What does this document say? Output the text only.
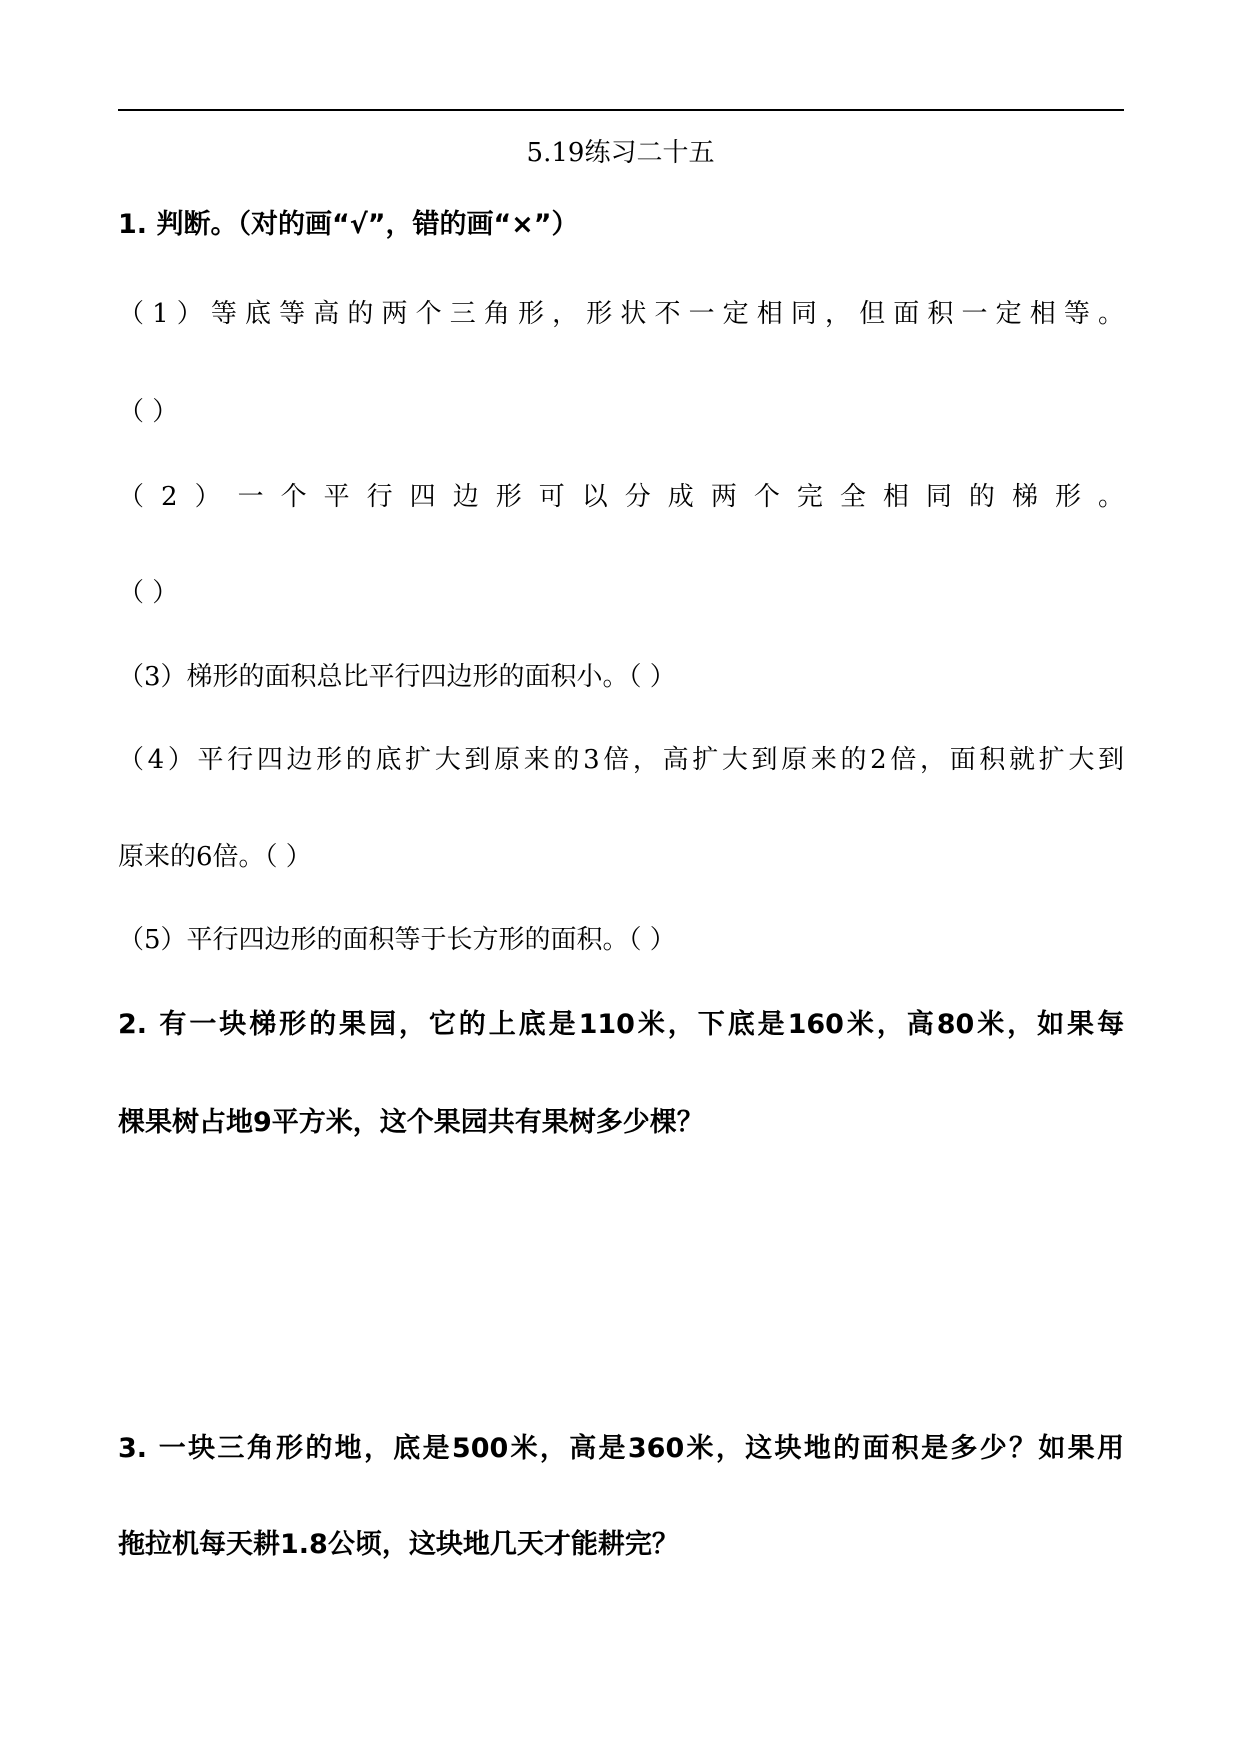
5.19练习二十五
1. 判断。（对的画“√”，错的画“×”）
（1）等底等高的两个三角形，形状不一定相同，但面积一定相等。
（ ）
（2）一个平行四边形可以分成两个完全相同的梯形。
（ ）
（3）梯形的面积总比平行四边形的面积小。（ ）
（4）平行四边形的底扩大到原来的3倍，高扩大到原来的2倍，面积就扩大到
原来的6倍。（ ）
（5）平行四边形的面积等于长方形的面积。（ ）
2. 有一块梯形的果园，它的上底是110米，下底是160米，高80米，如果每
棵果树占地9平方米，这个果园共有果树多少棵？
3. 一块三角形的地，底是500米，高是360米，这块地的面积是多少？如果用
拖拉机每天耕1.8公顷，这块地几天才能耕完？
